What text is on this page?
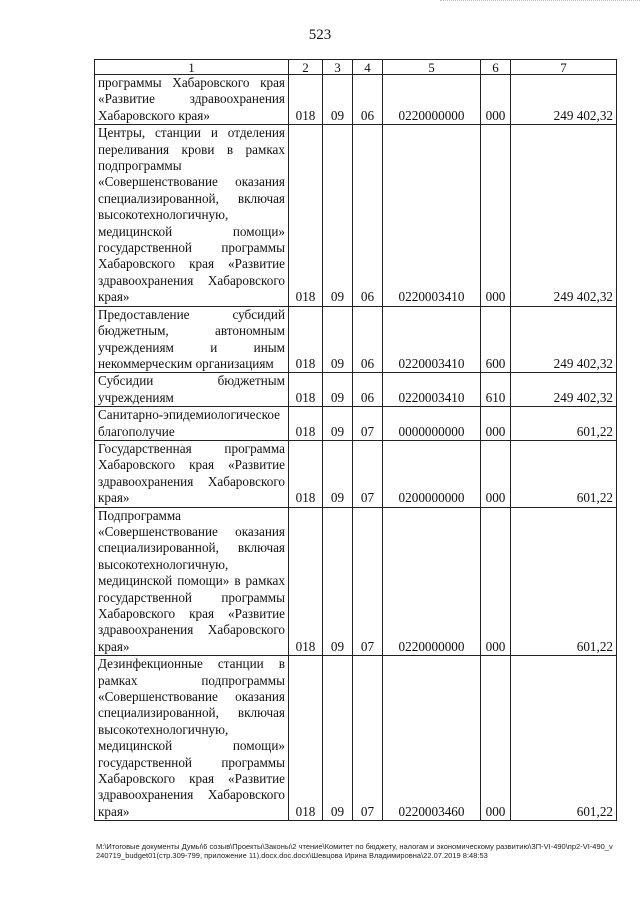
523
1	2	3	4	5	6	7
программы Хабаровского края «Развитие здравоохранения Хабаровского края»	018	09	06	0220000000	000	249 402,32
Центры, станции и отделения переливания крови в рамках подпрограммы «Совершенствование оказания специализированной, включая высокотехнологичную, медицинской помощи» государственной программы Хабаровского края «Развитие здравоохранения Хабаровского края»	018	09	06	0220003410	000	249 402,32
Предоставление субсидий бюджетным, автономным учреждениям и иным некоммерческим организациям	018	09	06	0220003410	600	249 402,32
Субсидии бюджетным учреждениям	018	09	06	0220003410	610	249 402,32
Санитарно-эпидемиологическое благополучие	018	09	07	0000000000	000	601,22
Государственная программа Хабаровского края «Развитие здравоохранения Хабаровского края»	018	09	07	0200000000	000	601,22
Подпрограмма «Совершенствование оказания специализированной, включая высокотехнологичную, медицинской помощи» в рамках государственной программы Хабаровского края «Развитие здравоохранения Хабаровского края»	018	09	07	0220000000	000	601,22
Дезинфекционные станции в рамках подпрограммы «Совершенствование оказания специализированной, включая высокотехнологичную, медицинской помощи» государственной программы Хабаровского края «Развитие здравоохранения Хабаровского края»	018	09	07	0220003460	000	601,22
M:\Итоговые документы Думы\6 созыв\Проекты\Законы\2 чтение\Комитет по бюджету, налогам и экономическому развитию\ЗП-VI-490\пр2-VI-490_v240719_budget01(стр.309-799, приложение 11).docx.doc.docx\Шевцова Ирина Владимировна\22.07.2019 8:48:53
